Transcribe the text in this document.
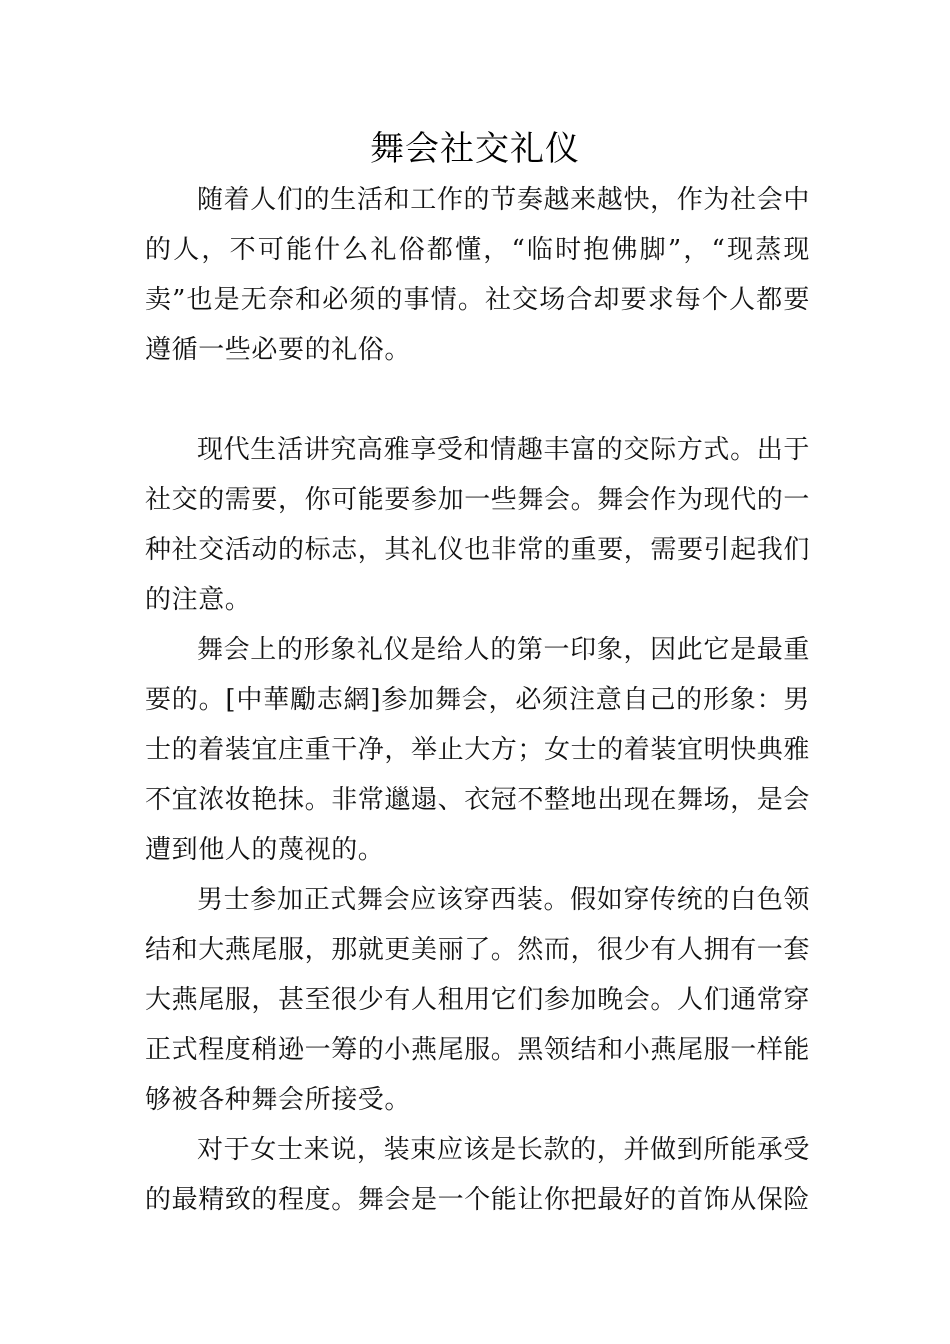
舞会社交礼仪

随着人们的生活和工作的节奏越来越快，作为社会中的人，不可能什么礼俗都懂，“临时抱佛脚”，“现蒸现卖”也是无奈和必须的事情。社交场合却要求每个人都要遵循一些必要的礼俗。

现代生活讲究高雅享受和情趣丰富的交际方式。出于社交的需要，你可能要参加一些舞会。舞会作为现代的一种社交活动的标志，其礼仪也非常的重要，需要引起我们的注意。

舞会上的形象礼仪是给人的第一印象，因此它是最重要的。[中華勵志網]参加舞会，必须注意自己的形象：男士的着装宜庄重干净，举止大方；女士的着装宜明快典雅不宜浓妆艳抹。非常邋遢、衣冠不整地出现在舞场，是会遭到他人的蔑视的。

男士参加正式舞会应该穿西装。假如穿传统的白色领结和大燕尾服，那就更美丽了。然而，很少有人拥有一套大燕尾服，甚至很少有人租用它们参加晚会。人们通常穿正式程度稍逊一筹的小燕尾服。黑领结和小燕尾服一样能够被各种舞会所接受。

对于女士来说，装束应该是长款的，并做到所能承受的最精致的程度。舞会是一个能让你把最好的首饰从保险
